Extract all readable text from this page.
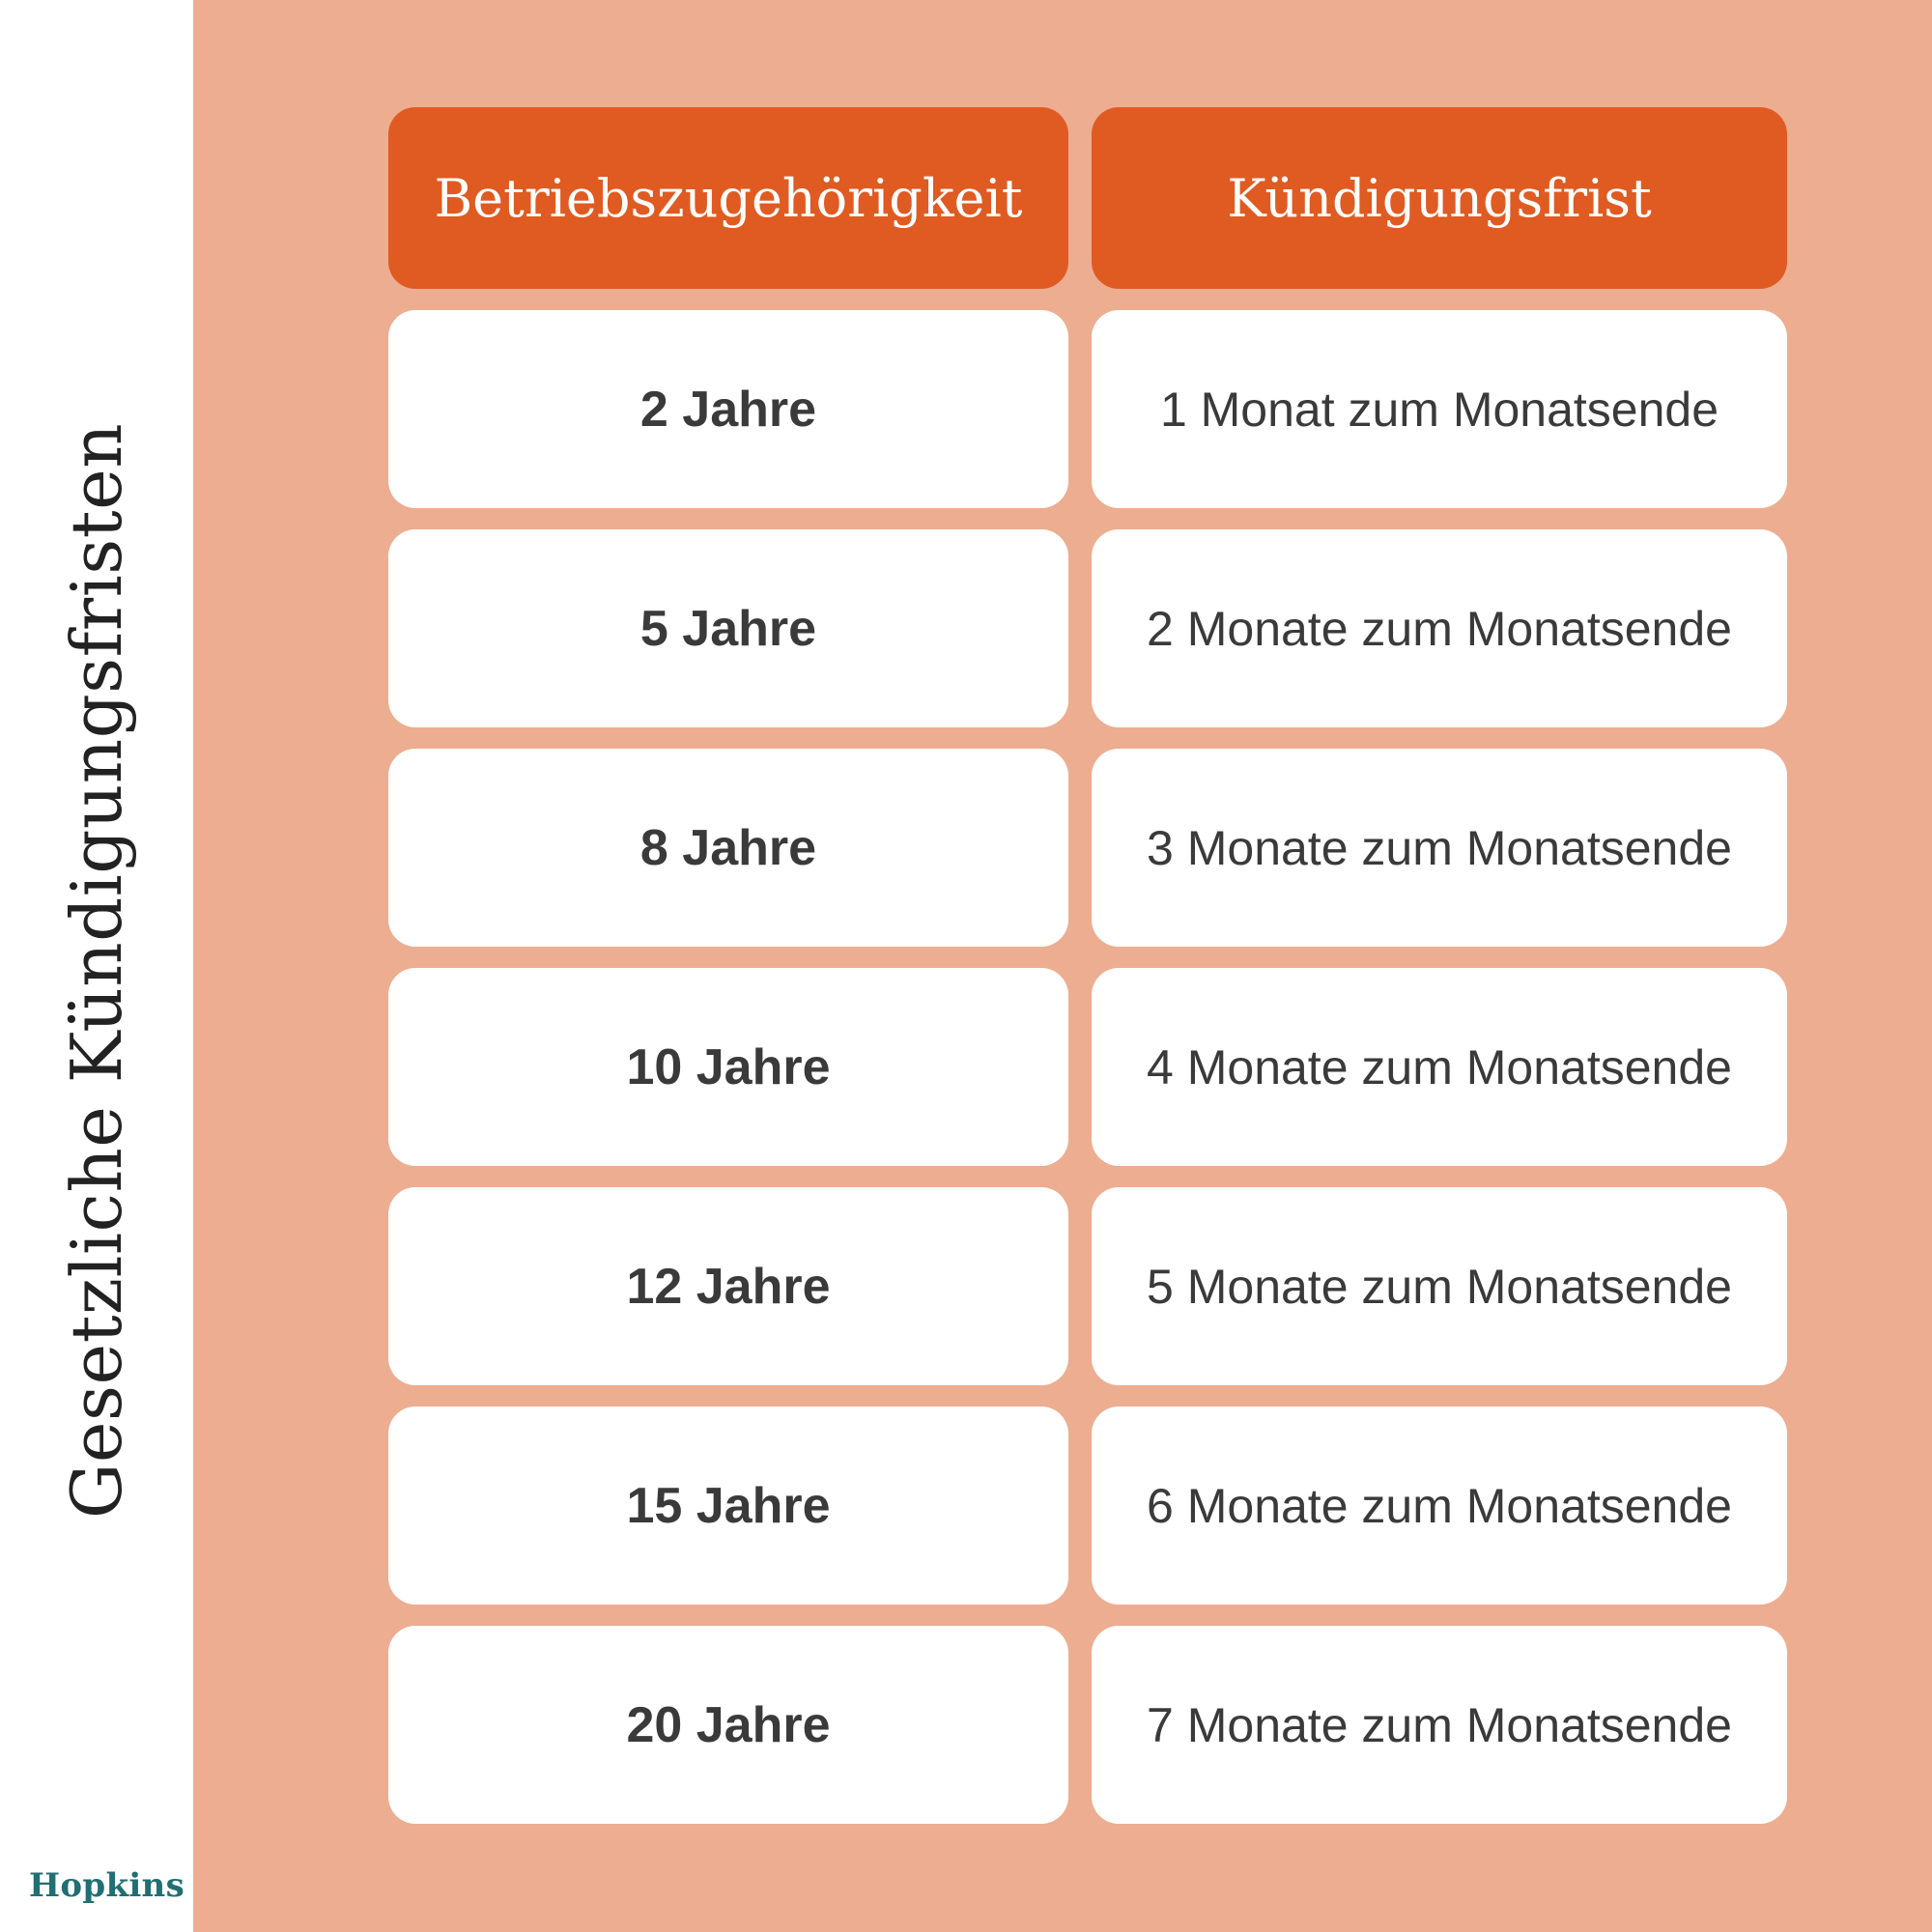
Gesetzliche Kündigungsfristen
Hopkins
Betriebszugehörigkeit	Kündigungsfrist
2 Jahre	1 Monat zum Monatsende
5 Jahre	2 Monate zum Monatsende
8 Jahre	3 Monate zum Monatsende
10 Jahre	4 Monate zum Monatsende
12 Jahre	5 Monate zum Monatsende
15 Jahre	6 Monate zum Monatsende
20 Jahre	7 Monate zum Monatsende
